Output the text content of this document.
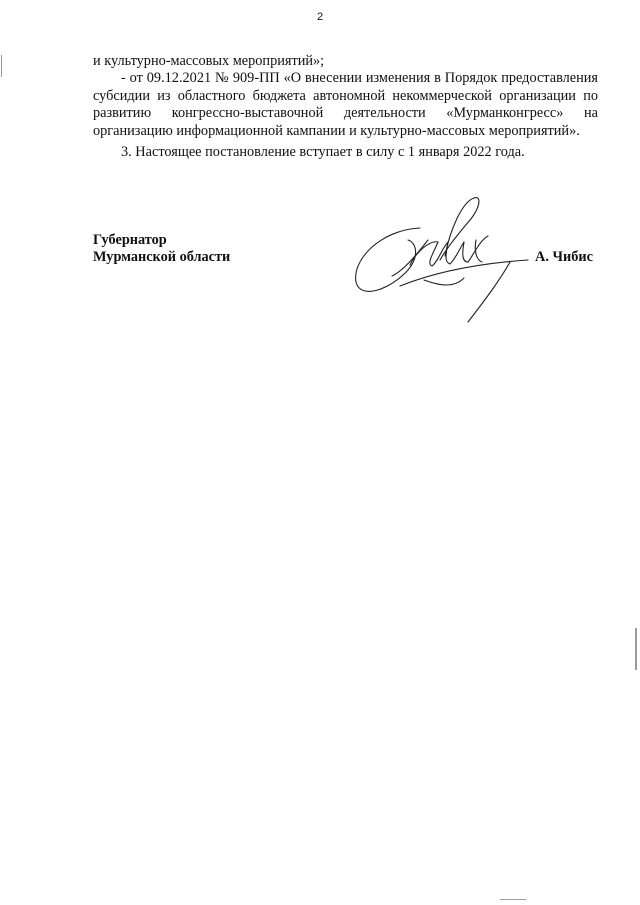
2

и культурно-массовых мероприятий»;

- от 09.12.2021 № 909-ПП «О внесении изменения в Порядок предоставления субсидии из областного бюджета автономной некоммерческой организации по развитию конгрессно-выставочной деятельности «Мурманконгресс» на организацию информационной кампании и культурно-массовых мероприятий».

3. Настоящее постановление вступает в силу с 1 января 2022 года.

Губернатор
Мурманской области	А. Чибис
